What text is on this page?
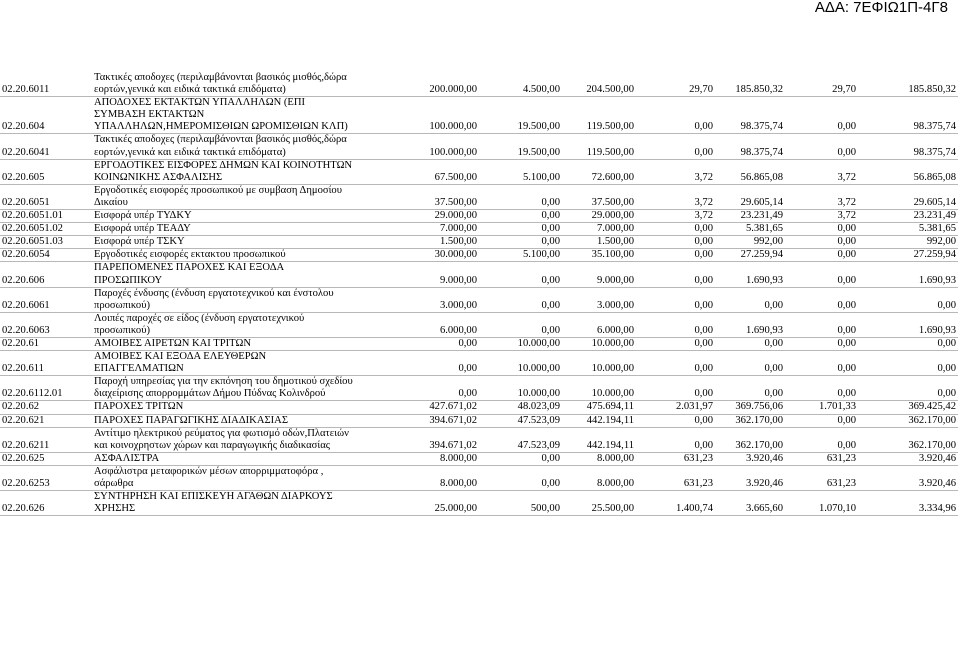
ΑΔΑ: 7ΕΦΙΩ1Π-4Γ8
02.20.6011	Τακτικές αποδοχες (περιλαμβάνονται βασικός μισθός,δώρα εορτών,γενικά και ειδικά τακτικά επιδόματα)	200.000,00	4.500,00	204.500,00	29,70	185.850,32	29,70	185.850,32
02.20.604	ΑΠΟΔΟΧΕΣ ΕΚΤΑΚΤΩΝ ΥΠΑΛΛΗΛΩΝ (ΕΠΙ ΣΥΜΒΑΣΗ ΕΚΤΑΚΤΩΝ ΥΠΑΛΛΗΛΩΝ,ΗΜΕΡΟΜΙΣΘΙΩΝ ΩΡΟΜΙΣΘΙΩΝ ΚΛΠ)	100.000,00	19.500,00	119.500,00	0,00	98.375,74	0,00	98.375,74
02.20.6041	Τακτικές αποδοχες (περιλαμβάνονται βασικός μισθός,δώρα εορτών,γενικά και ειδικά τακτικά επιδόματα)	100.000,00	19.500,00	119.500,00	0,00	98.375,74	0,00	98.375,74
02.20.605	ΕΡΓΟΔΟΤΙΚΕΣ ΕΙΣΦΟΡΕΣ ΔΗΜΩΝ ΚΑΙ ΚΟΙΝΟΤΗΤΩΝ ΚΟΙΝΩΝΙΚΗΣ ΑΣΦΑΛΙΣΗΣ	67.500,00	5.100,00	72.600,00	3,72	56.865,08	3,72	56.865,08
02.20.6051	Εργοδοτικές εισφορές προσωπικού με συμβαση Δημοσίου Δικαίου	37.500,00	0,00	37.500,00	3,72	29.605,14	3,72	29.605,14
02.20.6051.01	Εισφορά υπέρ ΤΥΔΚΥ	29.000,00	0,00	29.000,00	3,72	23.231,49	3,72	23.231,49
02.20.6051.02	Εισφορά υπέρ ΤΕΑΔΥ	7.000,00	0,00	7.000,00	0,00	5.381,65	0,00	5.381,65
02.20.6051.03	Εισφορά υπέρ ΤΣΚΥ	1.500,00	0,00	1.500,00	0,00	992,00	0,00	992,00
02.20.6054	Εργοδοτικές εισφορές εκτακτου προσωπικού	30.000,00	5.100,00	35.100,00	0,00	27.259,94	0,00	27.259,94
02.20.606	ΠΑΡΕΠΟΜΕΝΕΣ ΠΑΡΟΧΕΣ ΚΑΙ ΕΞΟΔΑ ΠΡΟΣΩΠΙΚΟΥ	9.000,00	0,00	9.000,00	0,00	1.690,93	0,00	1.690,93
02.20.6061	Παροχές ένδυσης (ένδυση εργατοτεχνικού και ένστολου προσωπικού)	3.000,00	0,00	3.000,00	0,00	0,00	0,00	0,00
02.20.6063	Λοιπές παροχές σε είδος (ένδυση εργατοτεχνικού προσωπικού)	6.000,00	0,00	6.000,00	0,00	1.690,93	0,00	1.690,93
02.20.61	ΑΜΟΙΒΕΣ ΑΙΡΕΤΩΝ ΚΑΙ ΤΡΙΤΩΝ	0,00	10.000,00	10.000,00	0,00	0,00	0,00	0,00
02.20.611	ΑΜΟΙΒΕΣ ΚΑΙ ΕΞΟΔΑ ΕΛΕΥΘΕΡΩΝ ΕΠΑΓΓΕΛΜΑΤΙΩΝ	0,00	10.000,00	10.000,00	0,00	0,00	0,00	0,00
02.20.6112.01	Παροχή υπηρεσίας για την εκπόνηση του δημοτικού σχεδίου διαχείρισης απορρομμάτων Δήμου Πύδνας Κολινδρού	0,00	10.000,00	10.000,00	0,00	0,00	0,00	0,00
02.20.62	ΠΑΡΟΧΕΣ ΤΡΙΤΩΝ	427.671,02	48.023,09	475.694,11	2.031,97	369.756,06	1.701,33	369.425,42
02.20.621	ΠΑΡΟΧΕΣ ΠΑΡΑΓΩΓΙΚΗΣ ΔΙΑΔΙΚΑΣΙΑΣ	394.671,02	47.523,09	442.194,11	0,00	362.170,00	0,00	362.170,00
02.20.6211	Αντίτιμο ηλεκτρικού ρεύματος για φωτισμό οδών,Πλατειών και κοινοχρηστων χώρων και παραγωγικής διαδικασίας	394.671,02	47.523,09	442.194,11	0,00	362.170,00	0,00	362.170,00
02.20.625	ΑΣΦΑΛΙΣΤΡΑ	8.000,00	0,00	8.000,00	631,23	3.920,46	631,23	3.920,46
02.20.6253	Ασφάλιστρα μεταφορικών μέσων απορριμματοφόρα , σάρωθρα	8.000,00	0,00	8.000,00	631,23	3.920,46	631,23	3.920,46
02.20.626	ΣΥΝΤΗΡΗΣΗ ΚΑΙ ΕΠΙΣΚΕΥΗ ΑΓΑΘΩΝ ΔΙΑΡΚΟΥΣ ΧΡΗΣΗΣ	25.000,00	500,00	25.500,00	1.400,74	3.665,60	1.070,10	3.334,96
